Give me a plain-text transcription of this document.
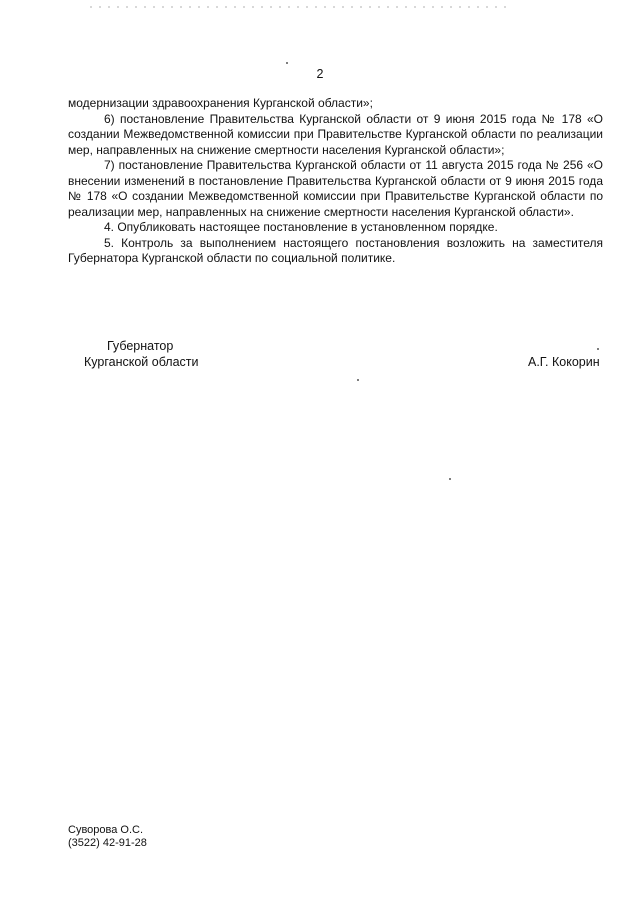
2

модернизации здравоохранения Курганской области»;

6) постановление Правительства Курганской области от 9 июня 2015 года № 178 «О создании Межведомственной комиссии при Правительстве Курганской области по реализации мер, направленных на снижение смертности населения Курганской области»;

7) постановление Правительства Курганской области от 11 августа 2015 года № 256 «О внесении изменений в постановление Правительства Курганской области от 9 июня 2015 года № 178 «О создании Межведомственной комиссии при Правительстве Курганской области по реализации мер, направленных на снижение смертности населения Курганской области».

4. Опубликовать настоящее постановление в установленном порядке.

5. Контроль за выполнением настоящего постановления возложить на заместителя Губернатора Курганской области по социальной политике.

Губернатор
Курганской области	А.Г. Кокорин
Суворова О.С.
(3522) 42-91-28
